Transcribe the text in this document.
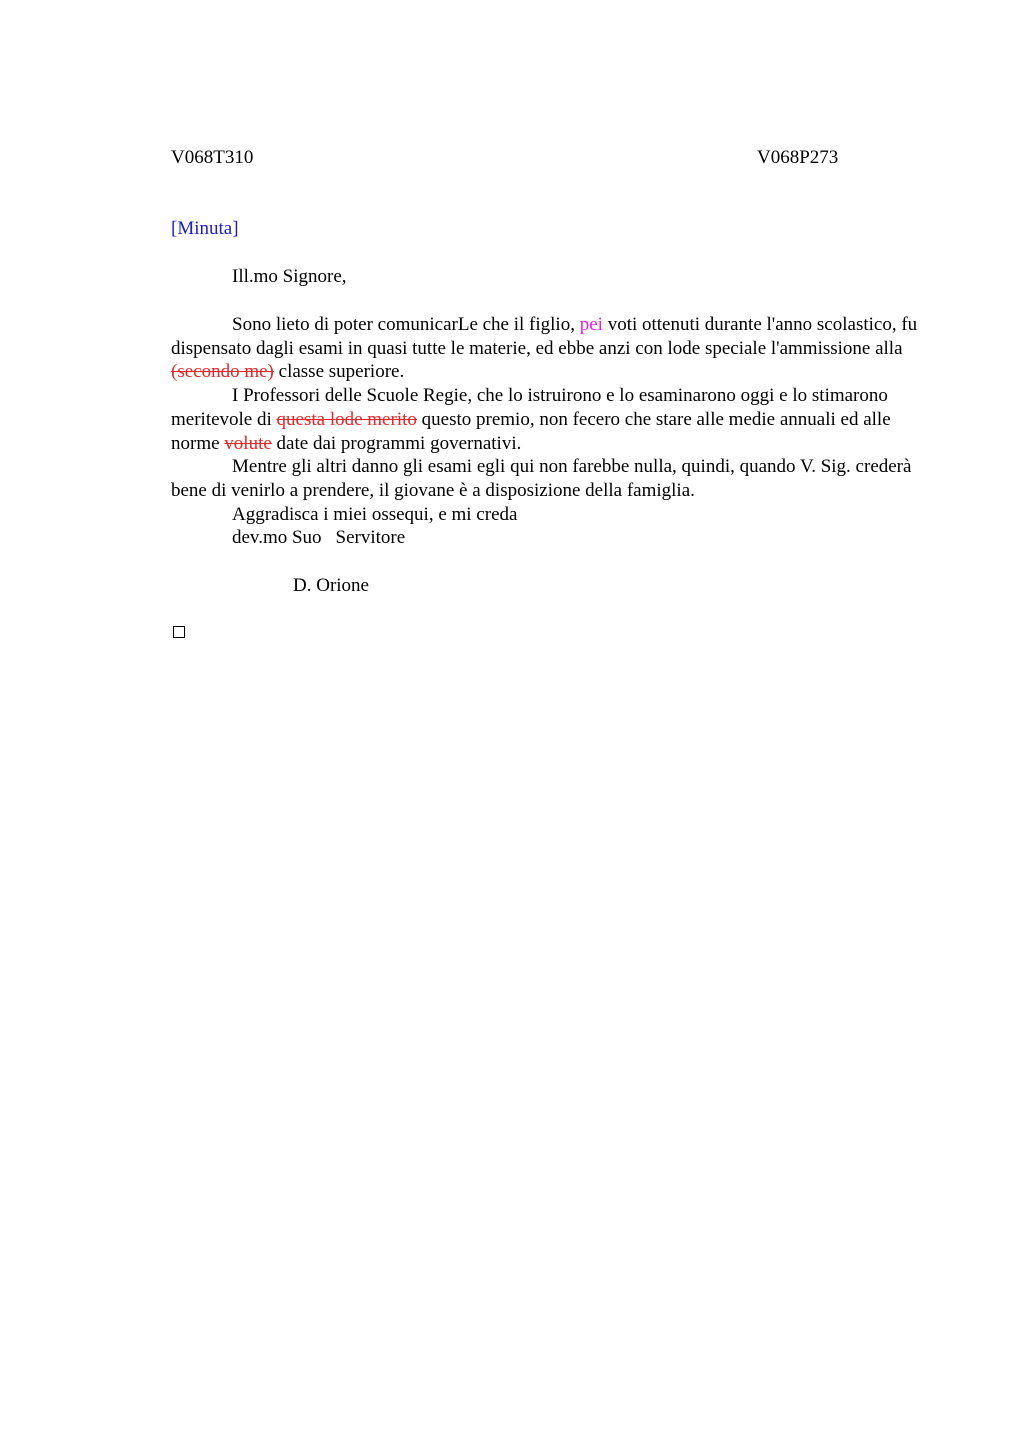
V068T310	V068P273
[Minuta]
Ill.mo Signore,

Sono lieto di poter comunicarLe che il figlio, pei voti ottenuti durante l'anno scolastico, fu dispensato dagli esami in quasi tutte le materie, ed ebbe anzi con lode speciale l'ammissione alla (secondo me) classe superiore.

I Professori delle Scuole Regie, che lo istruirono e lo esaminarono oggi e lo stimarono meritevole di questa lode merito questo premio, non fecero che stare alle medie annuali ed alle norme volute date dai programmi governativi.

Mentre gli altri danno gli esami egli qui non farebbe nulla, quindi, quando V. Sig. crederà bene di venirlo a prendere, il giovane è a disposizione della famiglia.

Aggradisca i miei ossequi, e mi creda
dev.mo Suo Servitore
D. Orione
